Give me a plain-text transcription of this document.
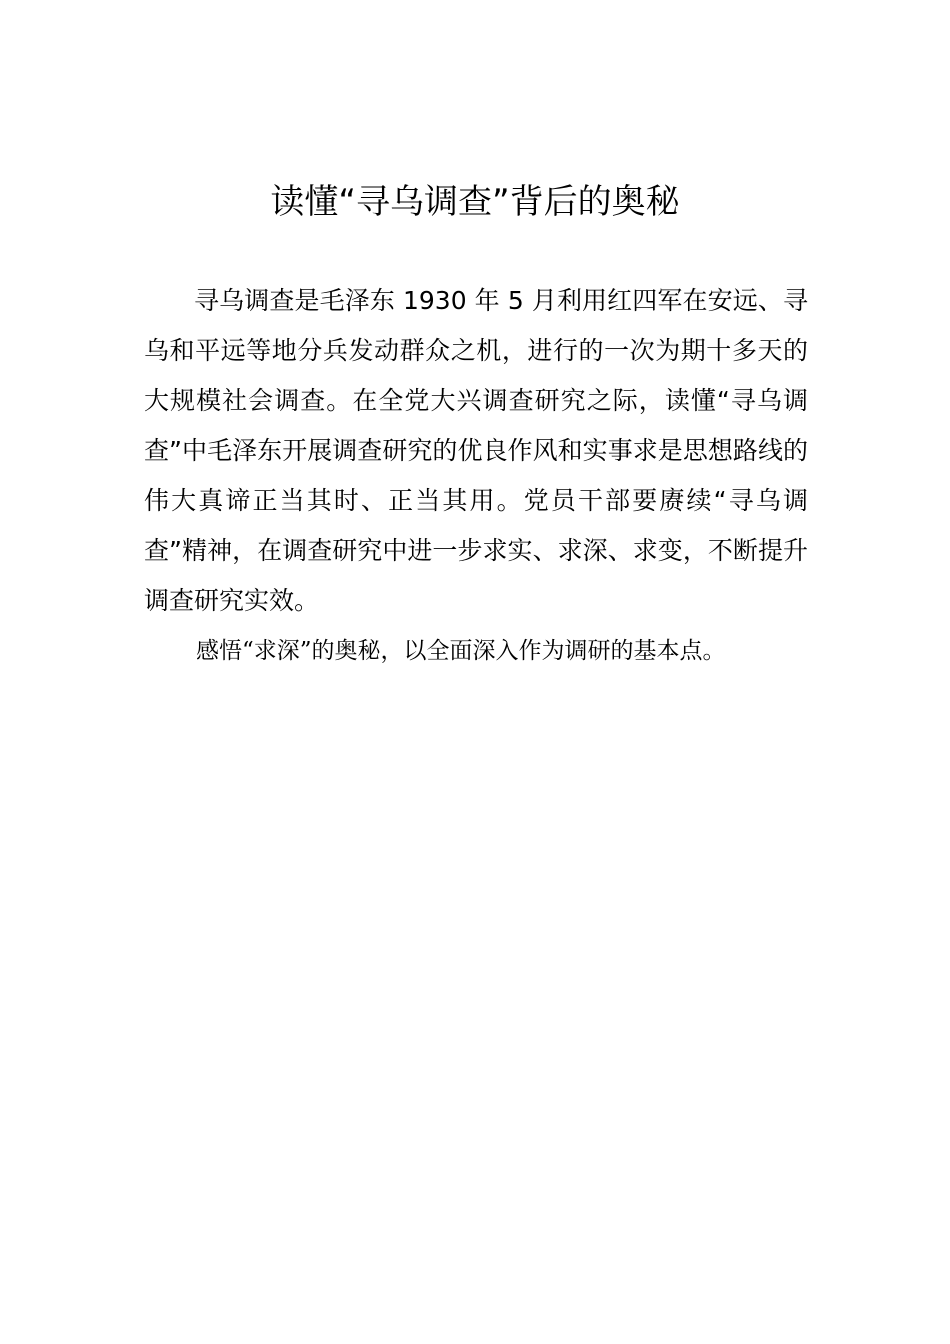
读懂“寻乌调查”背后的奥秘

寻乌调查是毛泽东 1930 年 5 月利用红四军在安远、寻乌和平远等地分兵发动群众之机，进行的一次为期十多天的大规模社会调查。在全党大兴调查研究之际，读懂“寻乌调查”中毛泽东开展调查研究的优良作风和实事求是思想路线的伟大真谛正当其时、正当其用。党员干部要赓续“寻乌调查”精神，在调查研究中进一步求实、求深、求变，不断提升调查研究实效。

感悟“求深”的奥秘，以全面深入作为调研的基本点。
